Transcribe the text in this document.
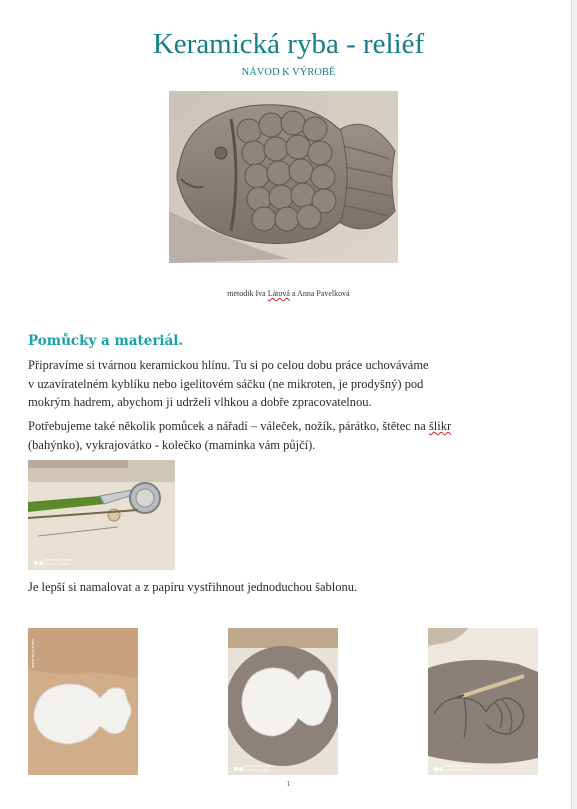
Keramická ryba - reliéf
NÁVOD K VÝROBĚ
metodik Iva Látová a Anna Pavelková
Pomůcky a materiál.
Připravíme si tvárnou keramickou hlínu. Tu si po celou dobu práce uchováváme
v uzavíratelném kyblíku nebo igelitovém sáčku (ne mikroten, je prodyšný) pod
mokrým hadrem, abychom ji udrželi vlhkou a dobře zpracovatelnou.
Potřebujeme také několik pomůcek a nářadí – váleček, nožík, párátko, štětec na šlikr
(bahýnko), vykrajovátko - kolečko (maminka vám půjčí).
REDMI NOTE 8 PRO
AI QUAD CAMERA
Je lepší si namalovat a z papíru vystřihnout jednoduchou šablonu.
REDMI NOTE 8 PRO
REDMI NOTE 8 PRO
AI QUAD CAMERA
REDMI NOTE 8 PRO
AI QUAD CAMERA
1
